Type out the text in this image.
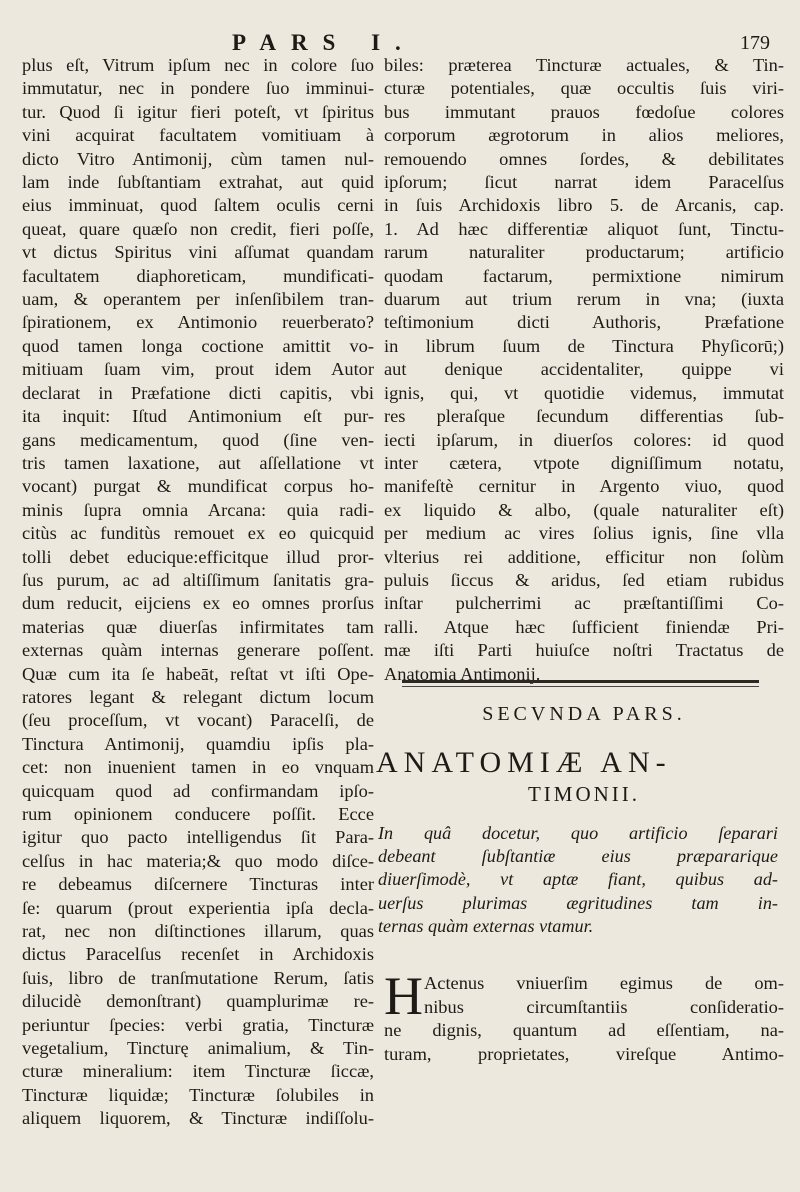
PARS I.	179
plus eſt, Vitrum ipſum nec in colore ſuo
immutatur, nec in pondere ſuo imminui-
tur. Quod ſi igitur fieri poteſt, vt ſpiritus
vini acquirat facultatem vomitiuam à
dicto Vitro Antimonij, cùm tamen nul-
lam inde ſubſtantiam extrahat, aut quid
eius imminuat, quod ſaltem oculis cerni
queat, quare quæſo non credit, fieri poſſe,
vt dictus Spiritus vini aſſumat quandam
facultatem diaphoreticam, mundificati-
uam, & operantem per inſenſibilem tran-
ſpirationem, ex Antimonio reuerberato?
quod tamen longa coctione amittit vo-
mitiuam ſuam vim, prout idem Autor
declarat in Præfatione dicti capitis, vbi
ita inquit: Iſtud Antimonium eſt pur-
gans medicamentum, quod (ſine ven-
tris tamen laxatione, aut aſſellatione vt
vocant) purgat & mundificat corpus ho-
minis ſupra omnia Arcana: quia radi-
citùs ac funditùs remouet ex eo quicquid
tolli debet educique:efficitque illud pror-
ſus purum, ac ad altiſſimum ſanitatis gra-
dum reducit, eijciens ex eo omnes prorſus
materias quæ diuerſas infirmitates tam
externas quàm internas generare poſſent.
Quæ cum ita ſe habeāt, reſtat vt iſti Ope-
ratores legant & relegant dictum locum
(ſeu proceſſum, vt vocant) Paracelſi, de
Tinctura Antimonij, quamdiu ipſis pla-
cet: non inuenient tamen in eo vnquam
quicquam quod ad confirmandam ipſo-
rum opinionem conducere poſſit. Ecce
igitur quo pacto intelligendus ſit Para-
celſus in hac materia;& quo modo diſce-
re debeamus diſcernere Tincturas inter
ſe: quarum (prout experientia ipſa decla-
rat, nec non diſtinctiones illarum, quas
dictus Paracelſus recenſet in Archidoxis
ſuis, libro de tranſmutatione Rerum, ſatis
dilucidè demonſtrant) quamplurimæ re-
periuntur ſpecies: verbi gratia, Tincturæ
vegetalium, Tincturę animalium, & Tin-
cturæ mineralium: item Tincturæ ſiccæ,
Tincturæ liquidæ; Tincturæ ſolubiles in
aliquem liquorem, & Tincturæ indiſſolu-
biles: præterea Tincturæ actuales, & Tin-
cturæ potentiales, quæ occultis ſuis viri-
bus immutant prauos fœdoſue colores
corporum ægrotorum in alios meliores,
remouendo omnes ſordes, & debilitates
ipſorum; ſicut narrat idem Paracelſus
in ſuis Archidoxis libro 5. de Arcanis, cap.
1. Ad hæc differentiæ aliquot ſunt, Tinctu-
rarum naturaliter productarum; artificio
quodam factarum, permixtione nimirum
duarum aut trium rerum in vna; (iuxta
teſtimonium dicti Authoris, Præfatione
in librum ſuum de Tinctura Phyſicorū;)
aut denique accidentaliter, quippe vi
ignis, qui, vt quotidie videmus, immutat
res pleraſque ſecundum differentias ſub-
iecti ipſarum, in diuerſos colores: id quod
inter cætera, vtpote digniſſimum notatu,
manifeſtè cernitur in Argento viuo, quod
ex liquido & albo, (quale naturaliter eſt)
per medium ac vires ſolius ignis, ſine vlla
vlterius rei additione, efficitur non ſolùm
puluis ſiccus & aridus, ſed etiam rubidus
inſtar pulcherrimi ac præſtantiſſimi Co-
ralli. Atque hæc ſufficient finiendæ Pri-
mæ iſti Parti huiuſce noſtri Tractatus de
Anatomia Antimonij.
SECVNDA PARS.
ANATOMIÆ AN-
TIMONII.
In quâ docetur, quo artificio ſeparari
debeant ſubſtantiæ eius præpararique
diuerſimodè, vt aptæ fiant, quibus ad-
uerſus plurimas ægritudines tam in-
ternas quàm externas vtamur.
H Actenus vniuerſim egimus de om-
nibus circumſtantiis conſideratio-
ne dignis, quantum ad eſſentiam, na-
turam, proprietates, vireſque Antimo-
